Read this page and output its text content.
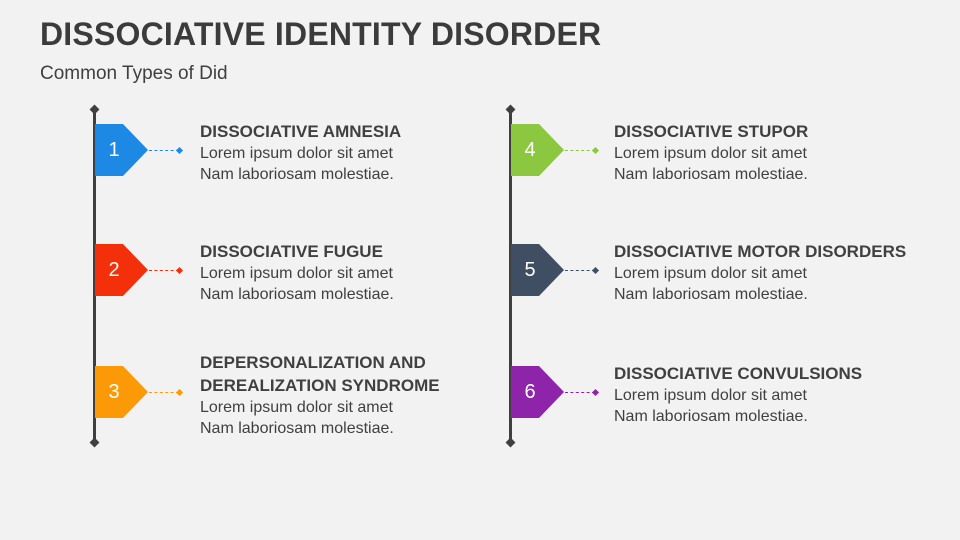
DISSOCIATIVE IDENTITY DISORDER
Common Types of Did
1
DISSOCIATIVE AMNESIA
Lorem ipsum dolor sit amet
Nam laboriosam molestiae.
2
DISSOCIATIVE FUGUE
Lorem ipsum dolor sit amet
Nam laboriosam molestiae.
3
DEPERSONALIZATION AND DEREALIZATION SYNDROME
Lorem ipsum dolor sit amet
Nam laboriosam molestiae.
4
DISSOCIATIVE STUPOR
Lorem ipsum dolor sit amet
Nam laboriosam molestiae.
5
DISSOCIATIVE MOTOR DISORDERS
Lorem ipsum dolor sit amet
Nam laboriosam molestiae.
6
DISSOCIATIVE CONVULSIONS
Lorem ipsum dolor sit amet
Nam laboriosam molestiae.
